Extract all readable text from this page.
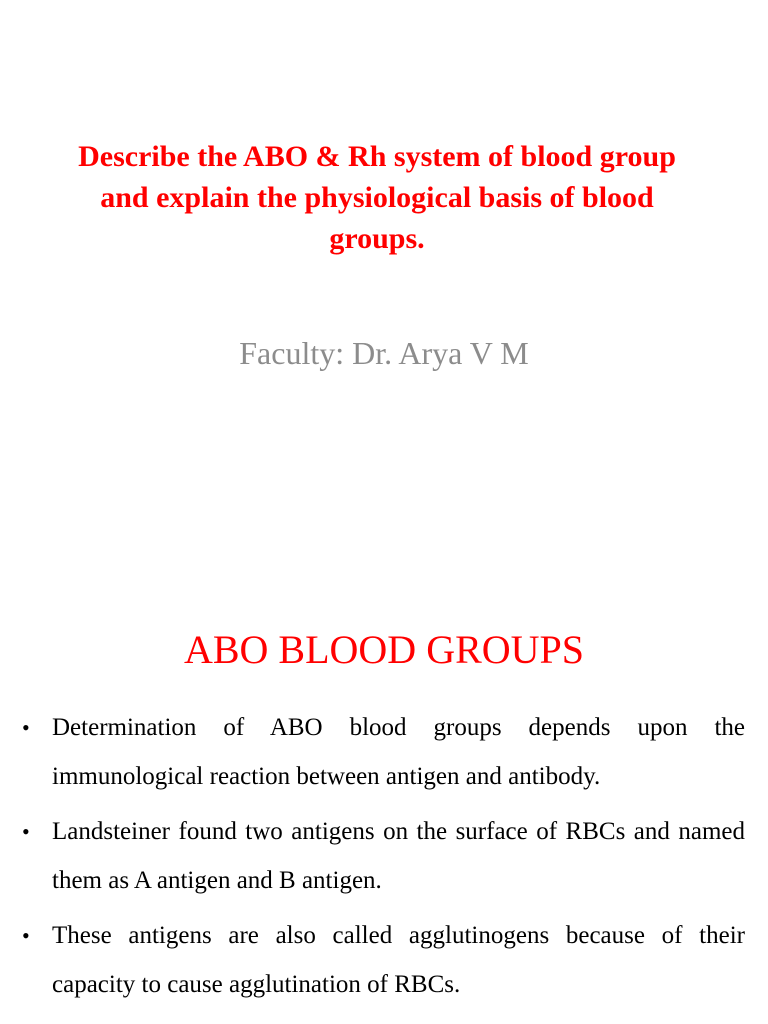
Describe the ABO & Rh system of blood group
and explain the physiological basis of blood
groups.
Faculty: Dr. Arya V M
ABO BLOOD GROUPS
• Determination of ABO blood groups depends upon the immunological reaction between antigen and antibody.
• Landsteiner found two antigens on the surface of RBCs and named them as A antigen and B antigen.
• These antigens are also called agglutinogens because of their capacity to cause agglutination of RBCs.
